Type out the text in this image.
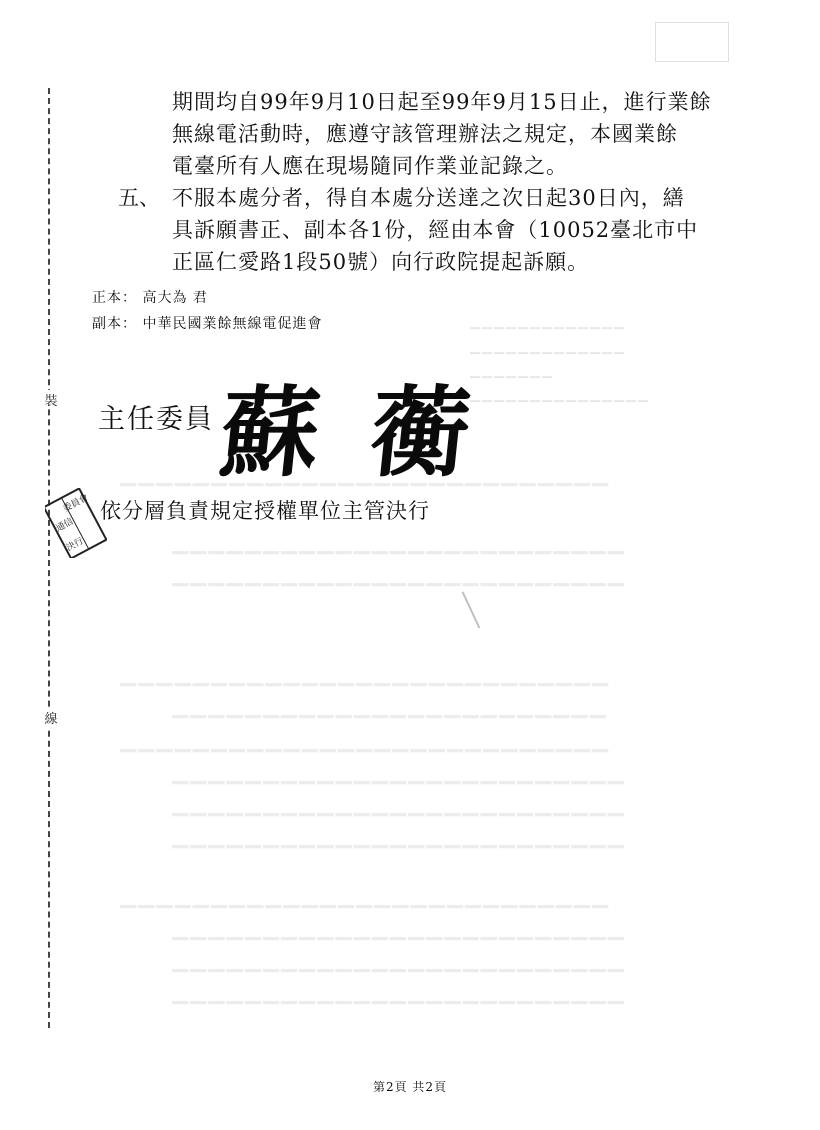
▁▁▁▁▁▁▁▁▁▁▁▁▁▁▁▁▁▁▁▁▁▁▁▁▁▁▁
▁▁▁▁▁▁▁▁▁▁▁▁▁▁▁▁▁▁▁▁▁▁▁▁▁
▁▁▁▁▁▁▁▁▁▁▁▁▁▁▁▁▁▁▁▁▁▁▁▁▁
▁▁▁▁▁▁▁▁▁▁▁▁▁▁▁▁▁▁▁▁▁▁▁▁▁▁▁
▁▁▁▁▁▁▁▁▁▁▁▁▁▁▁▁▁▁▁▁▁▁▁▁
▁▁▁▁▁▁▁▁▁▁▁▁▁▁▁▁▁▁▁▁▁▁▁▁▁▁▁
▁▁▁▁▁▁▁▁▁▁▁▁▁▁▁▁▁▁▁▁▁▁▁▁▁
▁▁▁▁▁▁▁▁▁▁▁▁▁▁▁▁▁▁▁▁▁▁▁▁▁
▁▁▁▁▁▁▁▁▁▁▁▁▁▁▁▁▁▁▁▁▁▁▁▁▁
▁▁▁▁▁▁▁▁▁▁▁▁▁▁▁▁▁▁▁▁▁▁▁▁▁▁▁
▁▁▁▁▁▁▁▁▁▁▁▁▁▁▁▁▁▁▁▁▁▁▁▁▁
▁▁▁▁▁▁▁▁▁▁▁▁▁▁▁▁▁▁▁▁▁▁▁▁▁
▁▁▁▁▁▁▁▁▁▁▁▁▁▁▁▁▁▁▁▁▁▁▁▁▁
▁▁▁▁▁▁▁▁▁▁▁▁▁
▁▁▁▁▁▁▁▁▁▁▁▁▁
▁▁▁▁▁▁▁
▁▁▁▁▁▁▁▁▁▁▁▁▁▁▁
裝
線
期間均自99年9月10日起至99年9月15日止，進行業餘
無線電活動時，應遵守該管理辦法之規定，本國業餘
電臺所有人應在現場隨同作業並記錄之。
五、 不服本處分者，得自本處分送達之次日起30日內，繕
具訴願書正、副本各1份，經由本會（10052臺北市中
正區仁愛路1段50號）向行政院提起訴願。
正本： 高大為 君
副本： 中華民國業餘無線電促進會
主任委員 蘇 蘅
依分層負責規定授權單位主管決行
委員會
通信
決行
第2頁 共2頁
